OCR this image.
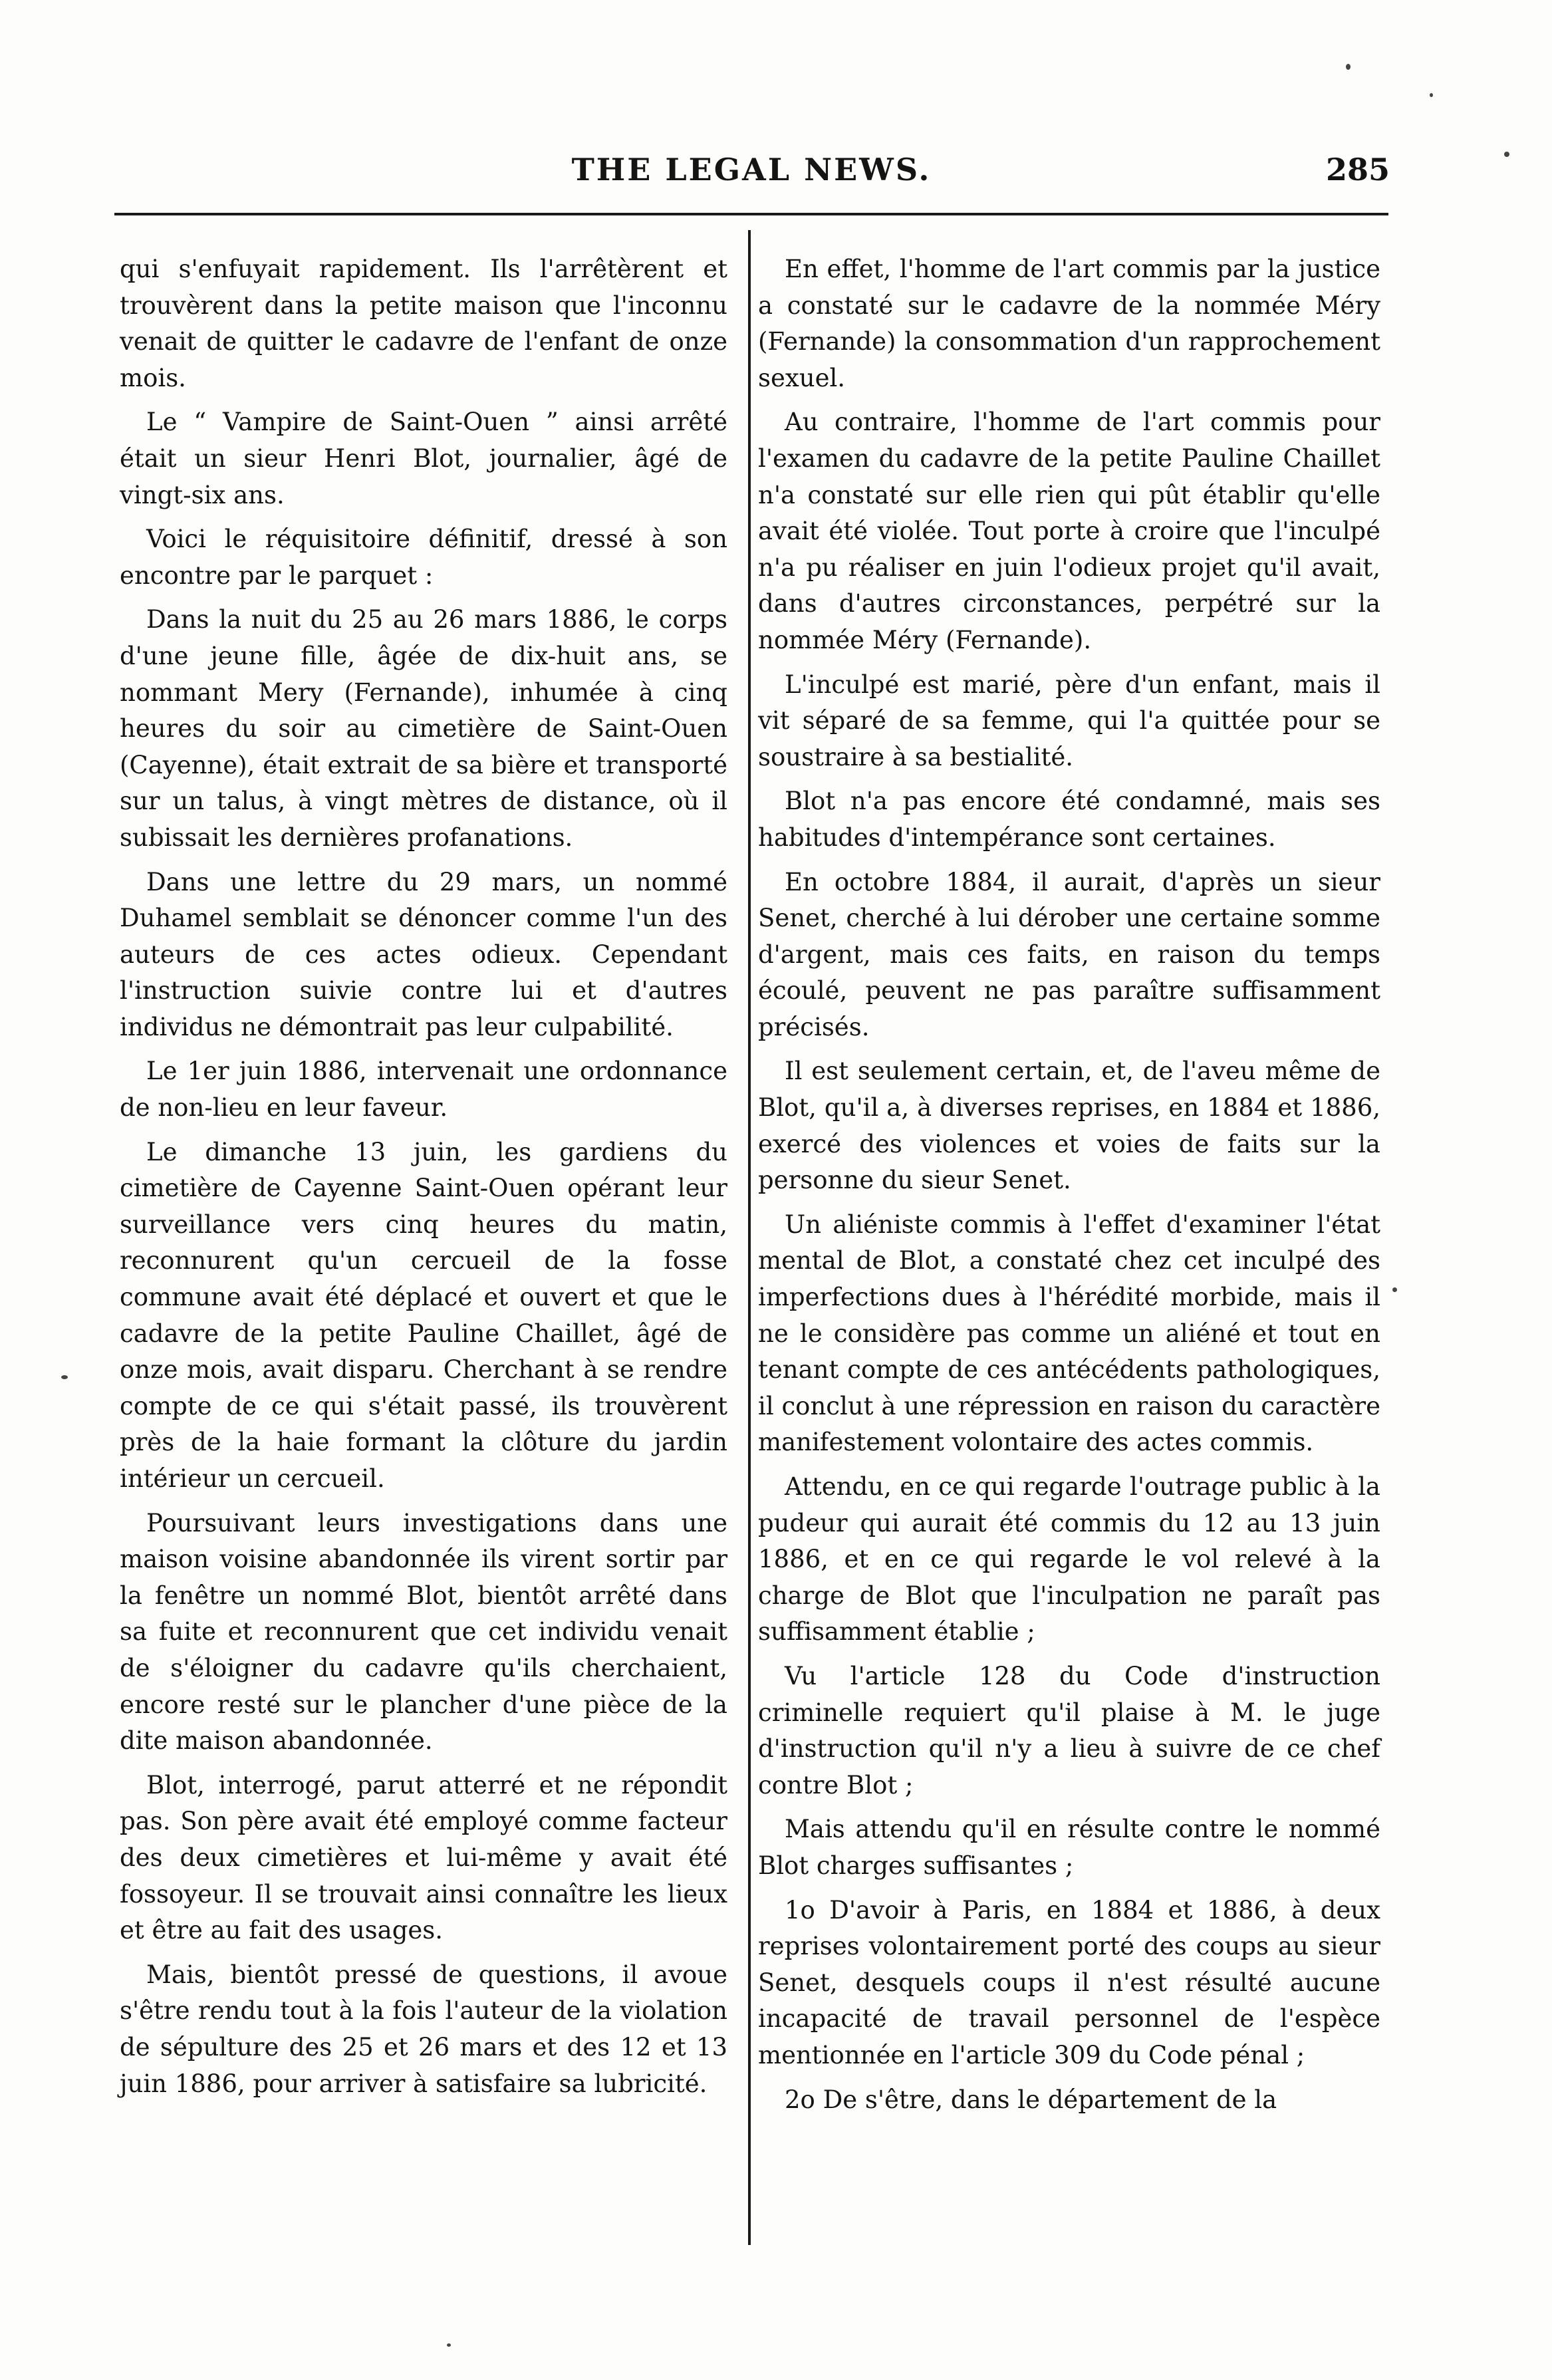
THE LEGAL NEWS.	285

qui s'enfuyait rapidement. Ils l'arrêtèrent et trouvèrent dans la petite maison que l'inconnu venait de quitter le cadavre de l'enfant de onze mois.

Le “ Vampire de Saint-Ouen ” ainsi arrêté était un sieur Henri Blot, journalier, âgé de vingt-six ans.

Voici le réquisitoire définitif, dressé à son encontre par le parquet :

Dans la nuit du 25 au 26 mars 1886, le corps d'une jeune fille, âgée de dix-huit ans, se nommant Mery (Fernande), inhumée à cinq heures du soir au cimetière de Saint-Ouen (Cayenne), était extrait de sa bière et transporté sur un talus, à vingt mètres de distance, où il subissait les dernières profanations.

Dans une lettre du 29 mars, un nommé Duhamel semblait se dénoncer comme l'un des auteurs de ces actes odieux. Cependant l'instruction suivie contre lui et d'autres individus ne démontrait pas leur culpabilité.

Le 1er juin 1886, intervenait une ordonnance de non-lieu en leur faveur.

Le dimanche 13 juin, les gardiens du cimetière de Cayenne Saint-Ouen opérant leur surveillance vers cinq heures du matin, reconnurent qu'un cercueil de la fosse commune avait été déplacé et ouvert et que le cadavre de la petite Pauline Chaillet, âgé de onze mois, avait disparu. Cherchant à se rendre compte de ce qui s'était passé, ils trouvèrent près de la haie formant la clôture du jardin intérieur un cercueil.

Poursuivant leurs investigations dans une maison voisine abandonnée ils virent sortir par la fenêtre un nommé Blot, bientôt arrêté dans sa fuite et reconnurent que cet individu venait de s'éloigner du cadavre qu'ils cherchaient, encore resté sur le plancher d'une pièce de la dite maison abandonnée.

Blot, interrogé, parut atterré et ne répondit pas. Son père avait été employé comme facteur des deux cimetières et lui-même y avait été fossoyeur. Il se trouvait ainsi connaître les lieux et être au fait des usages.

Mais, bientôt pressé de questions, il avoue s'être rendu tout à la fois l'auteur de la violation de sépulture des 25 et 26 mars et des 12 et 13 juin 1886, pour arriver à satisfaire sa lubricité.

En effet, l'homme de l'art commis par la justice a constaté sur le cadavre de la nommée Méry (Fernande) la consommation d'un rapprochement sexuel.

Au contraire, l'homme de l'art commis pour l'examen du cadavre de la petite Pauline Chaillet n'a constaté sur elle rien qui pût établir qu'elle avait été violée. Tout porte à croire que l'inculpé n'a pu réaliser en juin l'odieux projet qu'il avait, dans d'autres circonstances, perpétré sur la nommée Méry (Fernande).

L'inculpé est marié, père d'un enfant, mais il vit séparé de sa femme, qui l'a quittée pour se soustraire à sa bestialité.

Blot n'a pas encore été condamné, mais ses habitudes d'intempérance sont certaines.

En octobre 1884, il aurait, d'après un sieur Senet, cherché à lui dérober une certaine somme d'argent, mais ces faits, en raison du temps écoulé, peuvent ne pas paraître suffisamment précisés.

Il est seulement certain, et, de l'aveu même de Blot, qu'il a, à diverses reprises, en 1884 et 1886, exercé des violences et voies de faits sur la personne du sieur Senet.

Un aliéniste commis à l'effet d'examiner l'état mental de Blot, a constaté chez cet inculpé des imperfections dues à l'hérédité morbide, mais il ne le considère pas comme un aliéné et tout en tenant compte de ces antécédents pathologiques, il conclut à une répression en raison du caractère manifestement volontaire des actes commis.

Attendu, en ce qui regarde l'outrage public à la pudeur qui aurait été commis du 12 au 13 juin 1886, et en ce qui regarde le vol relevé à la charge de Blot que l'inculpation ne paraît pas suffisamment établie ;

Vu l'article 128 du Code d'instruction criminelle requiert qu'il plaise à M. le juge d'instruction qu'il n'y a lieu à suivre de ce chef contre Blot ;

Mais attendu qu'il en résulte contre le nommé Blot charges suffisantes ;

1o D'avoir à Paris, en 1884 et 1886, à deux reprises volontairement porté des coups au sieur Senet, desquels coups il n'est résulté aucune incapacité de travail personnel de l'espèce mentionnée en l'article 309 du Code pénal ;

2o De s'être, dans le département de la
